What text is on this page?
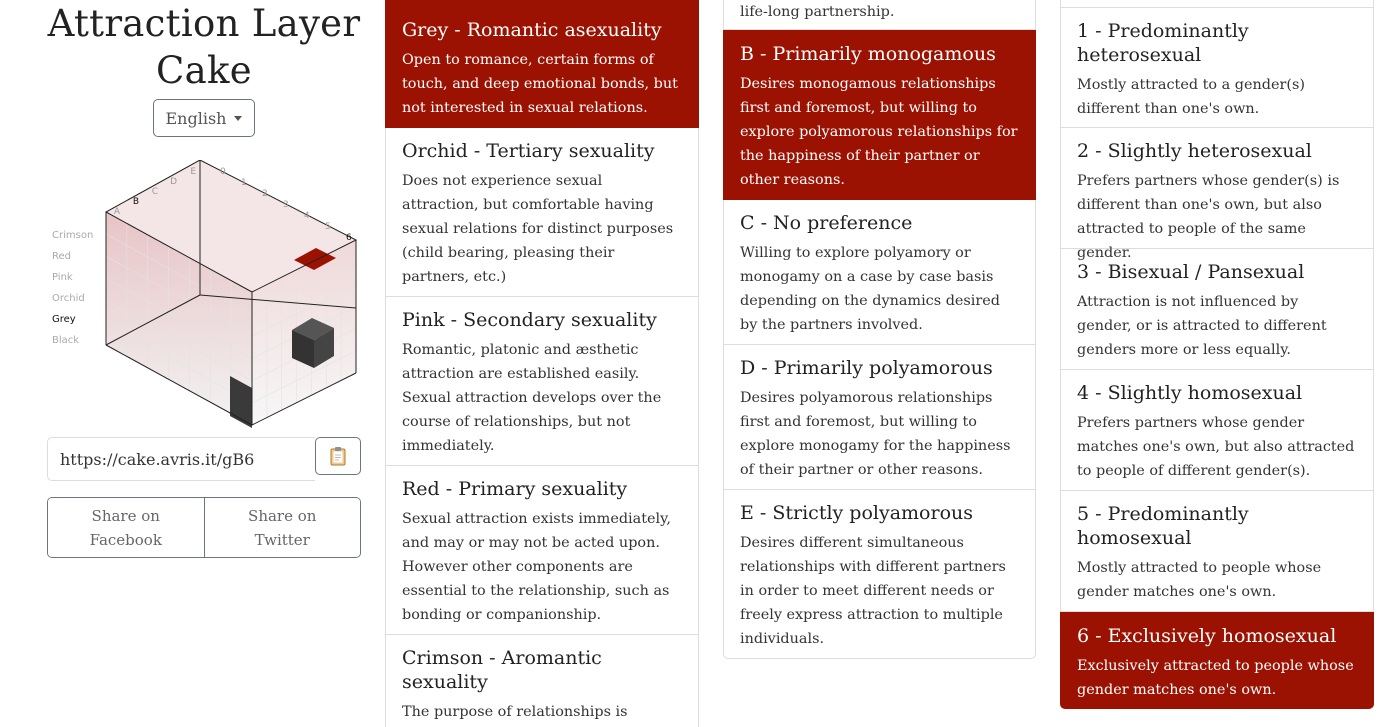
Attraction Layer
Cake
English
A
B
C
D
E	0
1
2
3
4
5
6
Crimson
Red
Pink
Orchid
Grey
Black
https://cake.avris.it/gB6
Share on Facebook
Share on Twitter
Grey - Romantic asexuality

Open to romance, certain forms of touch, and deep emotional bonds, but not interested in sexual relations.

Orchid - Tertiary sexuality

Does not experience sexual attraction, but comfortable having sexual relations for distinct purposes (child bearing, pleasing their partners, etc.)

Pink - Secondary sexuality

Romantic, platonic and æsthetic attraction are established easily. Sexual attraction develops over the course of relationships, but not immediately.

Red - Primary sexuality

Sexual attraction exists immediately, and may or may not be acted upon. However other components are essential to the relationship, such as bonding or companionship.

Crimson - Aromantic sexuality

The purpose of relationships is

life-long partnership.

B - Primarily monogamous

Desires monogamous relationships first and foremost, but willing to explore polyamorous relationships for the happiness of their partner or other reasons.

C - No preference

Willing to explore polyamory or monogamy on a case by case basis depending on the dynamics desired by the partners involved.

D - Primarily polyamorous

Desires polyamorous relationships first and foremost, but willing to explore monogamy for the happiness of their partner or other reasons.

E - Strictly polyamorous

Desires different simultaneous relationships with different partners in order to meet different needs or freely express attraction to multiple individuals.

1 - Predominantly heterosexual

Mostly attracted to a gender(s) different than one's own.

2 - Slightly heterosexual

Prefers partners whose gender(s) is different than one's own, but also attracted to people of the same gender.

3 - Bisexual / Pansexual

Attraction is not influenced by gender, or is attracted to different genders more or less equally.

4 - Slightly homosexual

Prefers partners whose gender matches one's own, but also attracted to people of different gender(s).

5 - Predominantly homosexual

Mostly attracted to people whose gender matches one's own.

6 - Exclusively homosexual

Exclusively attracted to people whose gender matches one's own.
